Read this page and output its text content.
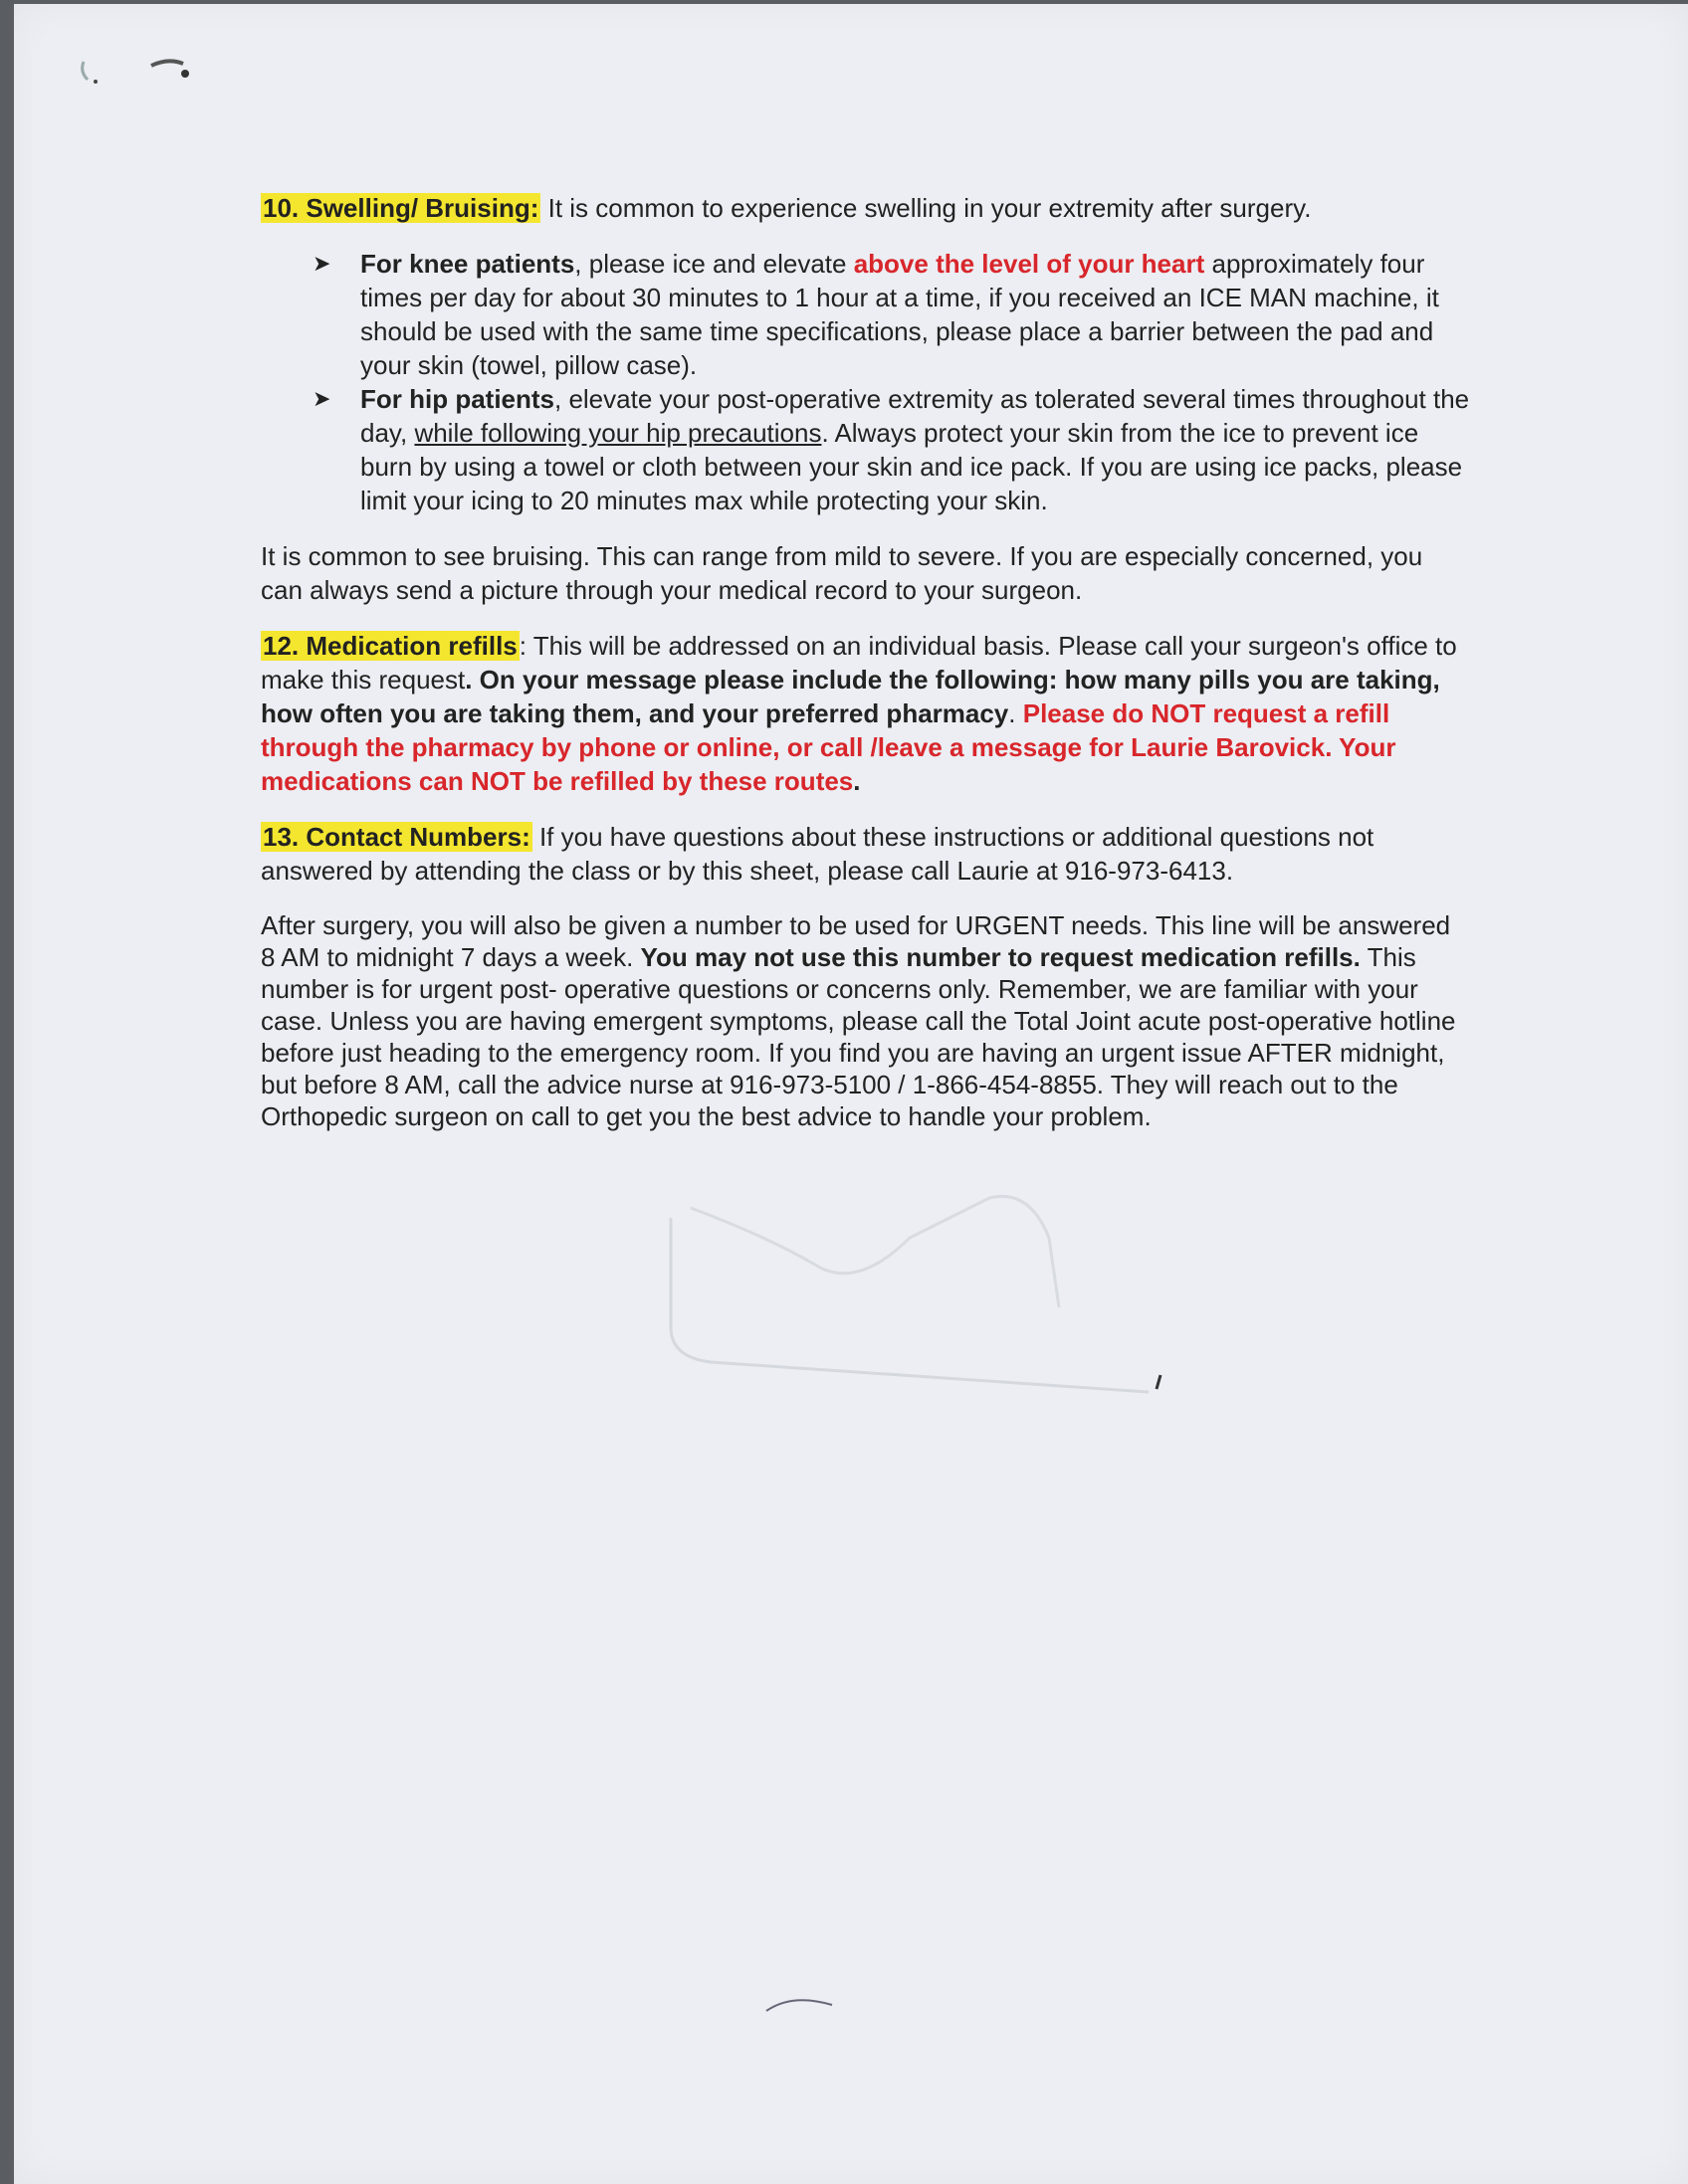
10. Swelling/ Bruising: It is common to experience swelling in your extremity after surgery.

➤ For knee patients, please ice and elevate above the level of your heart approximately four times per day for about 30 minutes to 1 hour at a time, if you received an ICE MAN machine, it should be used with the same time specifications, please place a barrier between the pad and your skin (towel, pillow case).
➤ For hip patients, elevate your post-operative extremity as tolerated several times throughout the day, while following your hip precautions. Always protect your skin from the ice to prevent ice burn by using a towel or cloth between your skin and ice pack. If you are using ice packs, please limit your icing to 20 minutes max while protecting your skin.

It is common to see bruising. This can range from mild to severe. If you are especially concerned, you can always send a picture through your medical record to your surgeon.

12. Medication refills: This will be addressed on an individual basis. Please call your surgeon's office to make this request. On your message please include the following: how many pills you are taking, how often you are taking them, and your preferred pharmacy. Please do NOT request a refill through the pharmacy by phone or online, or call /leave a message for Laurie Barovick. Your medications can NOT be refilled by these routes.

13. Contact Numbers: If you have questions about these instructions or additional questions not answered by attending the class or by this sheet, please call Laurie at 916-973-6413.

After surgery, you will also be given a number to be used for URGENT needs. This line will be answered 8 AM to midnight 7 days a week. You may not use this number to request medication refills. This number is for urgent post- operative questions or concerns only. Remember, we are familiar with your case. Unless you are having emergent symptoms, please call the Total Joint acute post-operative hotline before just heading to the emergency room. If you find you are having an urgent issue AFTER midnight, but before 8 AM, call the advice nurse at 916-973-5100 / 1-866-454-8855. They will reach out to the Orthopedic surgeon on call to get you the best advice to handle your problem.
